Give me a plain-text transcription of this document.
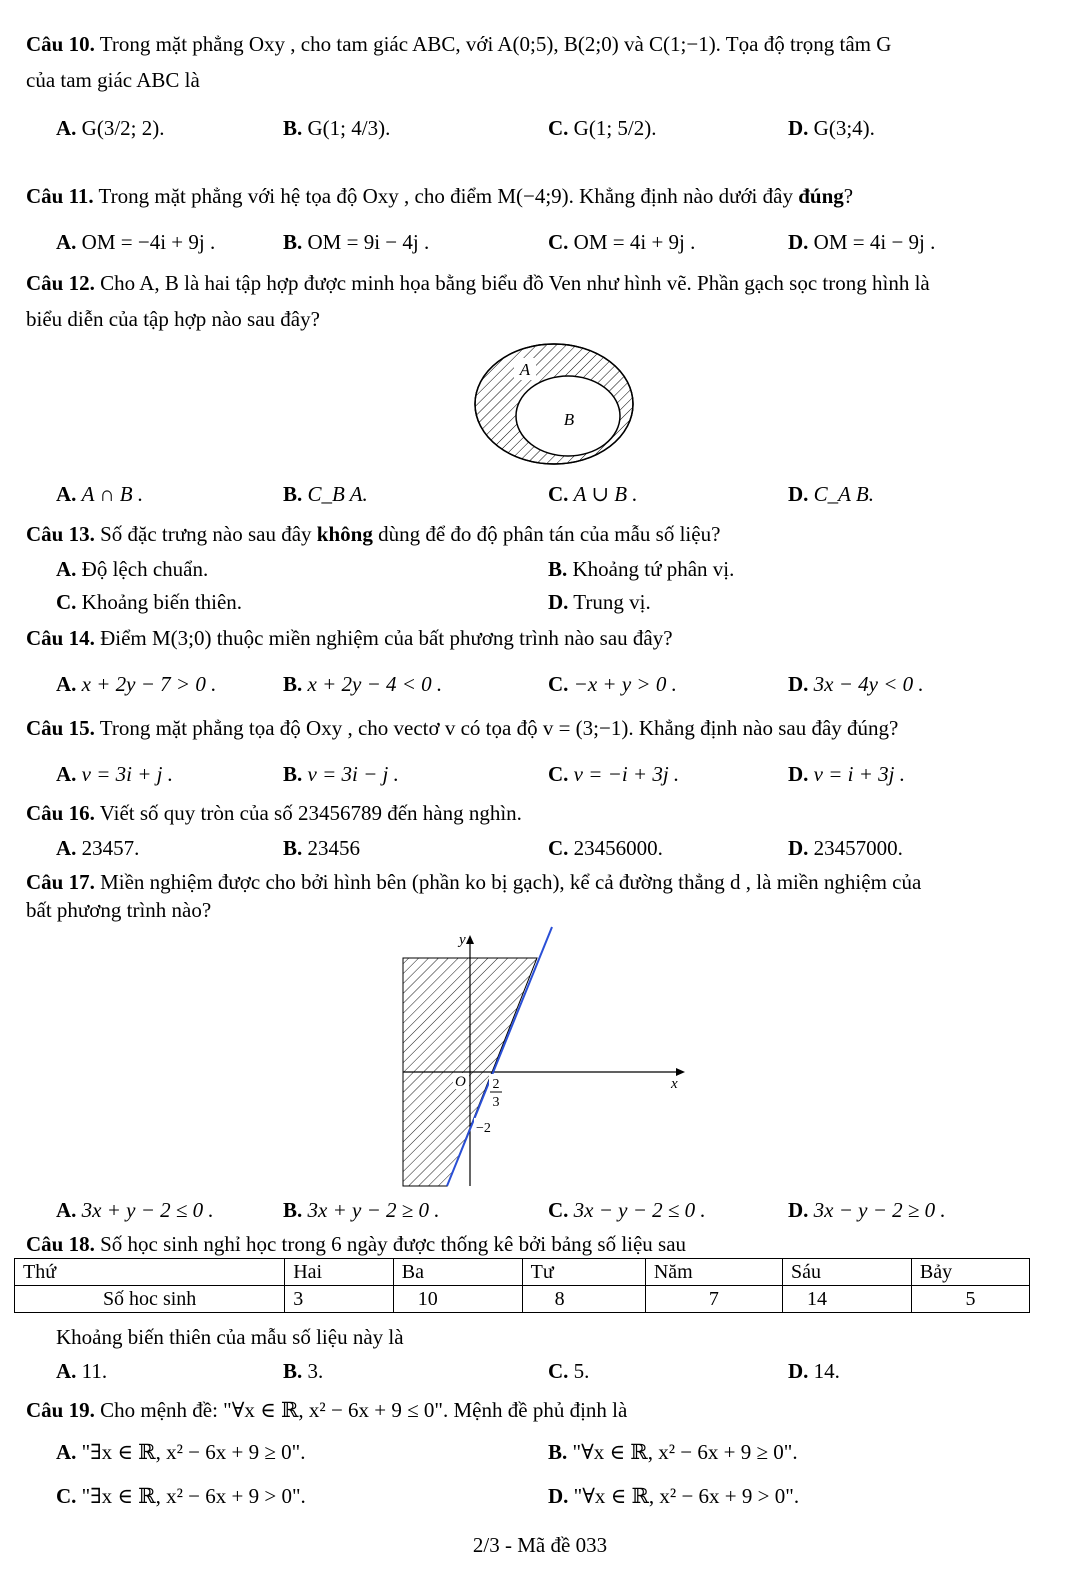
Câu 10. Trong mặt phẳng Oxy , cho tam giác ABC, với A(0;5), B(2;0) và C(1;−1). Tọa độ trọng tâm G
của tam giác ABC là
A. G(3/2; 2).	B. G(1; 4/3).	C. G(1; 5/2).	D. G(3;4).
Câu 11. Trong mặt phẳng với hệ tọa độ Oxy , cho điểm M(−4;9). Khẳng định nào dưới đây đúng?
A. OM = −4i + 9j .	B. OM = 9i − 4j .	C. OM = 4i + 9j .	D. OM = 4i − 9j .
Câu 12. Cho A, B là hai tập hợp được minh họa bằng biểu đồ Ven như hình vẽ. Phần gạch sọc trong hình là
biểu diễn của tập hợp nào sau đây?
A
B
A. A ∩ B .	B. C_B A.	C. A ∪ B .	D. C_A B.
Câu 13. Số đặc trưng nào sau đây không dùng để đo độ phân tán của mẫu số liệu?
A. Độ lệch chuẩn.	B. Khoảng tứ phân vị.
C. Khoảng biến thiên.	D. Trung vị.
Câu 14. Điểm M(3;0) thuộc miền nghiệm của bất phương trình nào sau đây?
A. x + 2y − 7 > 0 .	B. x + 2y − 4 < 0 .	C. −x + y > 0 .	D. 3x − 4y < 0 .
Câu 15. Trong mặt phẳng tọa độ Oxy , cho vectơ v có tọa độ v = (3;−1). Khẳng định nào sau đây đúng?
A. v = 3i + j .	B. v = 3i − j .	C. v = −i + 3j .	D. v = i + 3j .
Câu 16. Viết số quy tròn của số 23456789 đến hàng nghìn.
A. 23457.	B. 23456	C. 23456000.	D. 23457000.
Câu 17. Miền nghiệm được cho bởi hình bên (phần ko bị gạch), kể cả đường thẳng d , là miền nghiệm của
bất phương trình nào?
y
x
O 2
3
−2
A. 3x + y − 2 ≤ 0 .	B. 3x + y − 2 ≥ 0 .	C. 3x − y − 2 ≤ 0 .	D. 3x − y − 2 ≥ 0 .
Câu 18. Số học sinh nghỉ học trong 6 ngày được thống kê bởi bảng số liệu sau
Thứ	Hai	Ba	Tư	Năm	Sáu	Bảy
Số hoc sinh	3	10	8	7	14	5
Khoảng biến thiên của mẫu số liệu này là
A. 11.	B. 3.	C. 5.	D. 14.
Câu 19. Cho mệnh đề: "∀x ∈ ℝ, x² − 6x + 9 ≤ 0". Mệnh đề phủ định là
A. "∃x ∈ ℝ, x² − 6x + 9 ≥ 0".	B. "∀x ∈ ℝ, x² − 6x + 9 ≥ 0".
C. "∃x ∈ ℝ, x² − 6x + 9 > 0".	D. "∀x ∈ ℝ, x² − 6x + 9 > 0".
2/3 - Mã đề 033
